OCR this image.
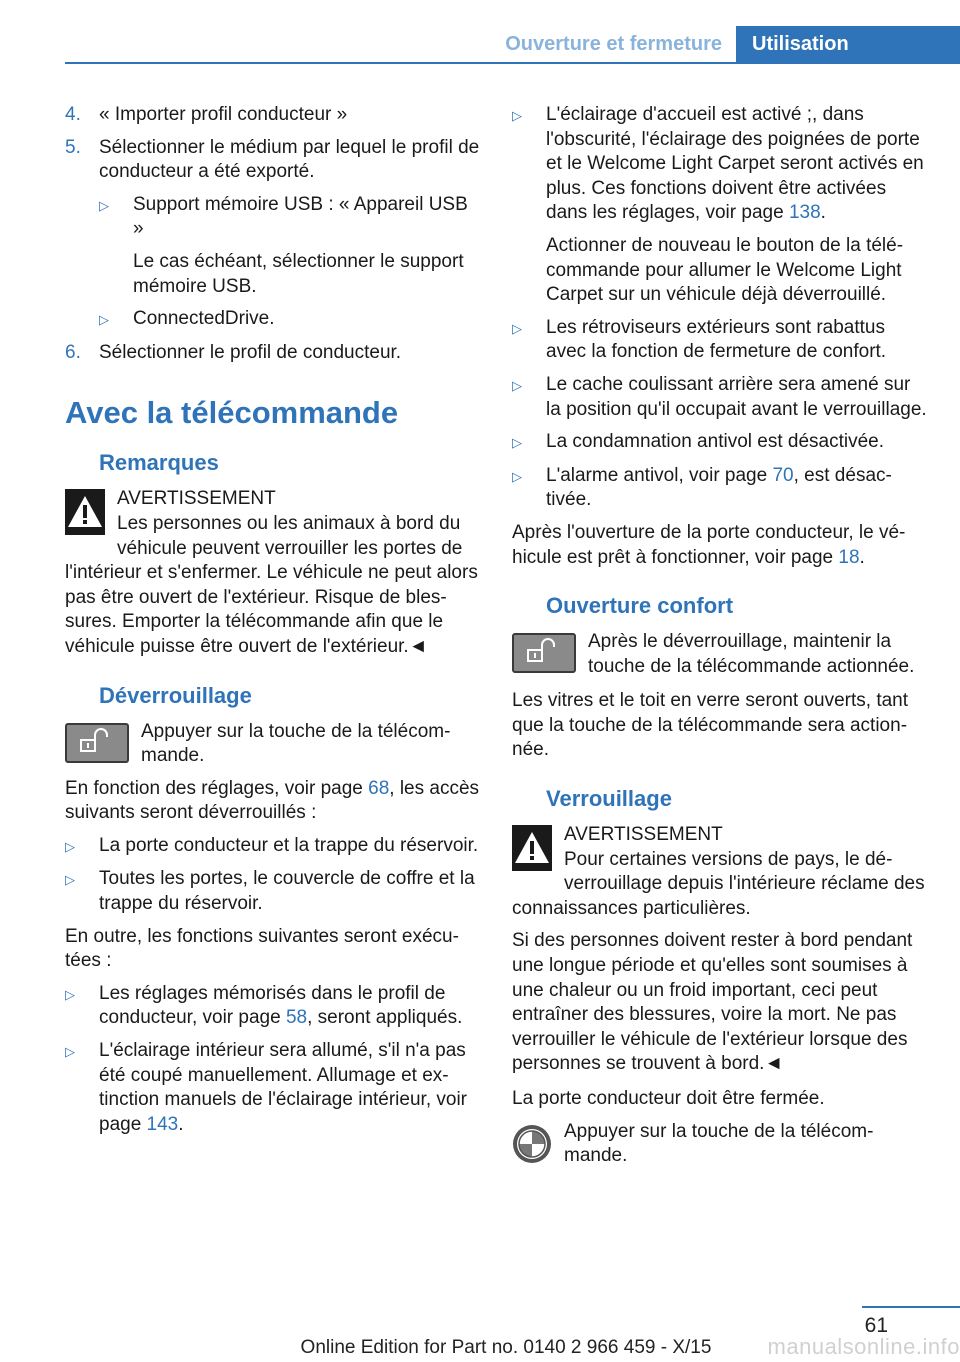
Ouverture et fermeture	Utilisation
4. « Importer profil conducteur »
5. Sélectionner le médium par lequel le profil de conducteur a été exporté.
▷	Support mémoire USB : « Appareil USB »

Le cas échéant, sélectionner le support mémoire USB.

▷	ConnectedDrive.

6. Sélectionner le profil de conducteur.
Avec la télécommande
Remarques

AVERTISSEMENT

Les personnes ou les animaux à bord du véhicule peuvent verrouiller les portes de l'intérieur et s'enfermer. Le véhicule ne peut alors pas être ouvert de l'extérieur. Risque de blessures. Emporter la télécommande afin que le véhicule puisse être ouvert de l'extérieur.◄

Déverrouillage

Appuyer sur la touche de la télécommande.

En fonction des réglages, voir page 68, les accès suivants seront déverrouillés :

▷	La porte conducteur et la trappe du réservoir.
▷	Toutes les portes, le couvercle de coffre et la trappe du réservoir.

En outre, les fonctions suivantes seront exécutées :

▷	Les réglages mémorisés dans le profil de conducteur, voir page 58, seront appliqués.
▷	L'éclairage intérieur sera allumé, s'il n'a pas été coupé manuellement. Allumage et extinction manuels de l'éclairage intérieur, voir page 143.
▷	L'éclairage d'accueil est activé ;, dans l'obscurité, l'éclairage des poignées de porte et le Welcome Light Carpet seront activés en plus. Ces fonctions doivent être activées dans les réglages, voir page 138.

Actionner de nouveau le bouton de la télécommande pour allumer le Welcome Light Carpet sur un véhicule déjà déverrouillé.

▷	Les rétroviseurs extérieurs sont rabattus avec la fonction de fermeture de confort.
▷	Le cache coulissant arrière sera amené sur la position qu'il occupait avant le verrouillage.
▷	La condamnation antivol est désactivée.
▷	L'alarme antivol, voir page 70, est désactivée.

Après l'ouverture de la porte conducteur, le véhicule est prêt à fonctionner, voir page 18.

Ouverture confort

Après le déverrouillage, maintenir la touche de la télécommande actionnée.

Les vitres et le toit en verre seront ouverts, tant que la touche de la télécommande sera actionnée.

Verrouillage

AVERTISSEMENT

Pour certaines versions de pays, le déverrouillage depuis l'intérieure réclame des connaissances particulières.

Si des personnes doivent rester à bord pendant une longue période et qu'elles sont soumises à une chaleur ou un froid important, ceci peut entraîner des blessures, voire la mort. Ne pas verrouiller le véhicule de l'extérieur lorsque des personnes se trouvent à bord.◄

La porte conducteur doit être fermée.

Appuyer sur la touche de la télécommande.

61
Online Edition for Part no. 0140 2 966 459 - X/15	manualsonline.info
